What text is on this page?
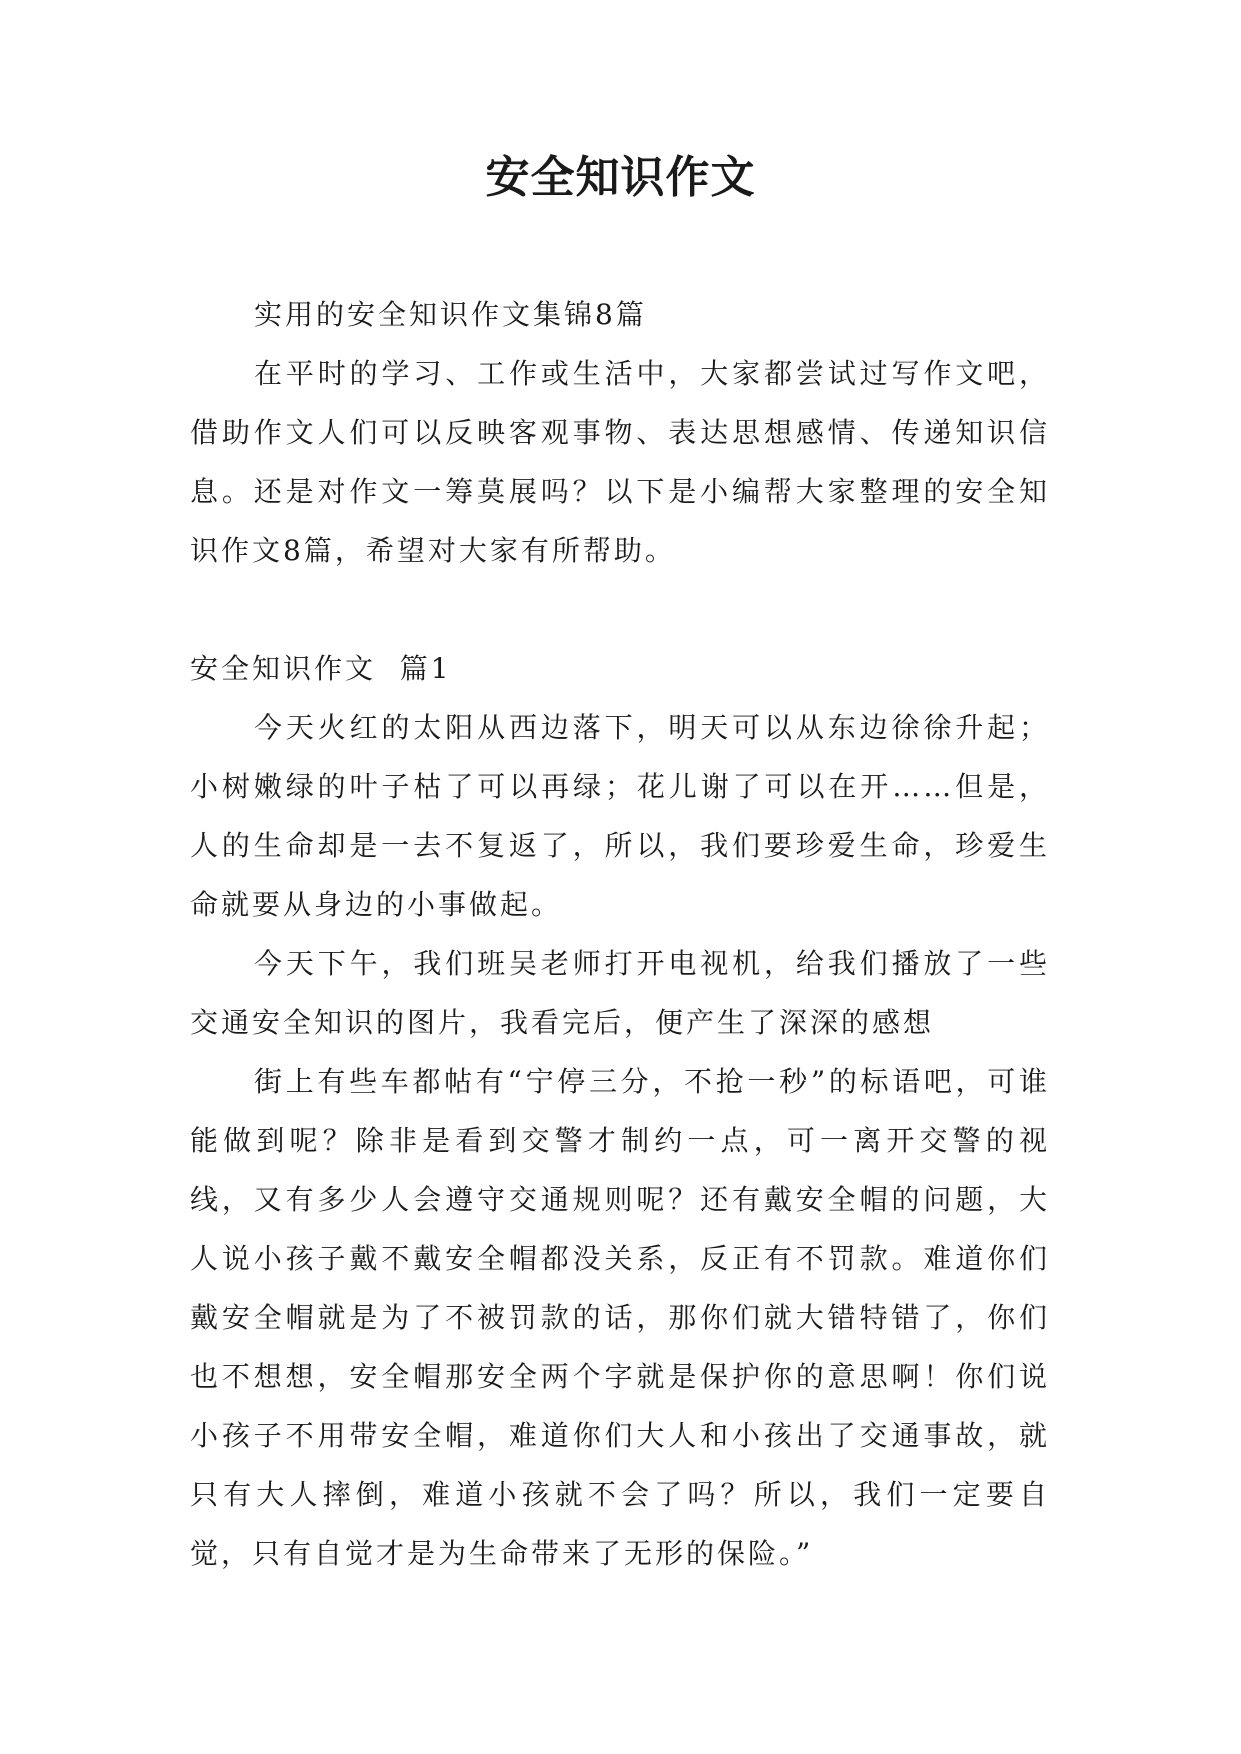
安全知识作文

实用的安全知识作文集锦8篇

在平时的学习、工作或生活中，大家都尝试过写作文吧，借助作文人们可以反映客观事物、表达思想感情、传递知识信息。还是对作文一筹莫展吗？以下是小编帮大家整理的安全知识作文8篇，希望对大家有所帮助。

安全知识作文  篇1

今天火红的太阳从西边落下，明天可以从东边徐徐升起；小树嫩绿的叶子枯了可以再绿；花儿谢了可以在开……但是，人的生命却是一去不复返了，所以，我们要珍爱生命，珍爱生命就要从身边的小事做起。

今天下午，我们班吴老师打开电视机，给我们播放了一些交通安全知识的图片，我看完后，便产生了深深的感想

街上有些车都帖有“宁停三分，不抢一秒”的标语吧，可谁能做到呢？除非是看到交警才制约一点，可一离开交警的视线，又有多少人会遵守交通规则呢？还有戴安全帽的问题，大人说小孩子戴不戴安全帽都没关系，反正有不罚款。难道你们戴安全帽就是为了不被罚款的话，那你们就大错特错了，你们也不想想，安全帽那安全两个字就是保护你的意思啊！你们说小孩子不用带安全帽，难道你们大人和小孩出了交通事故，就只有大人摔倒，难道小孩就不会了吗？所以，我们一定要自觉，只有自觉才是为生命带来了无形的保险。”
